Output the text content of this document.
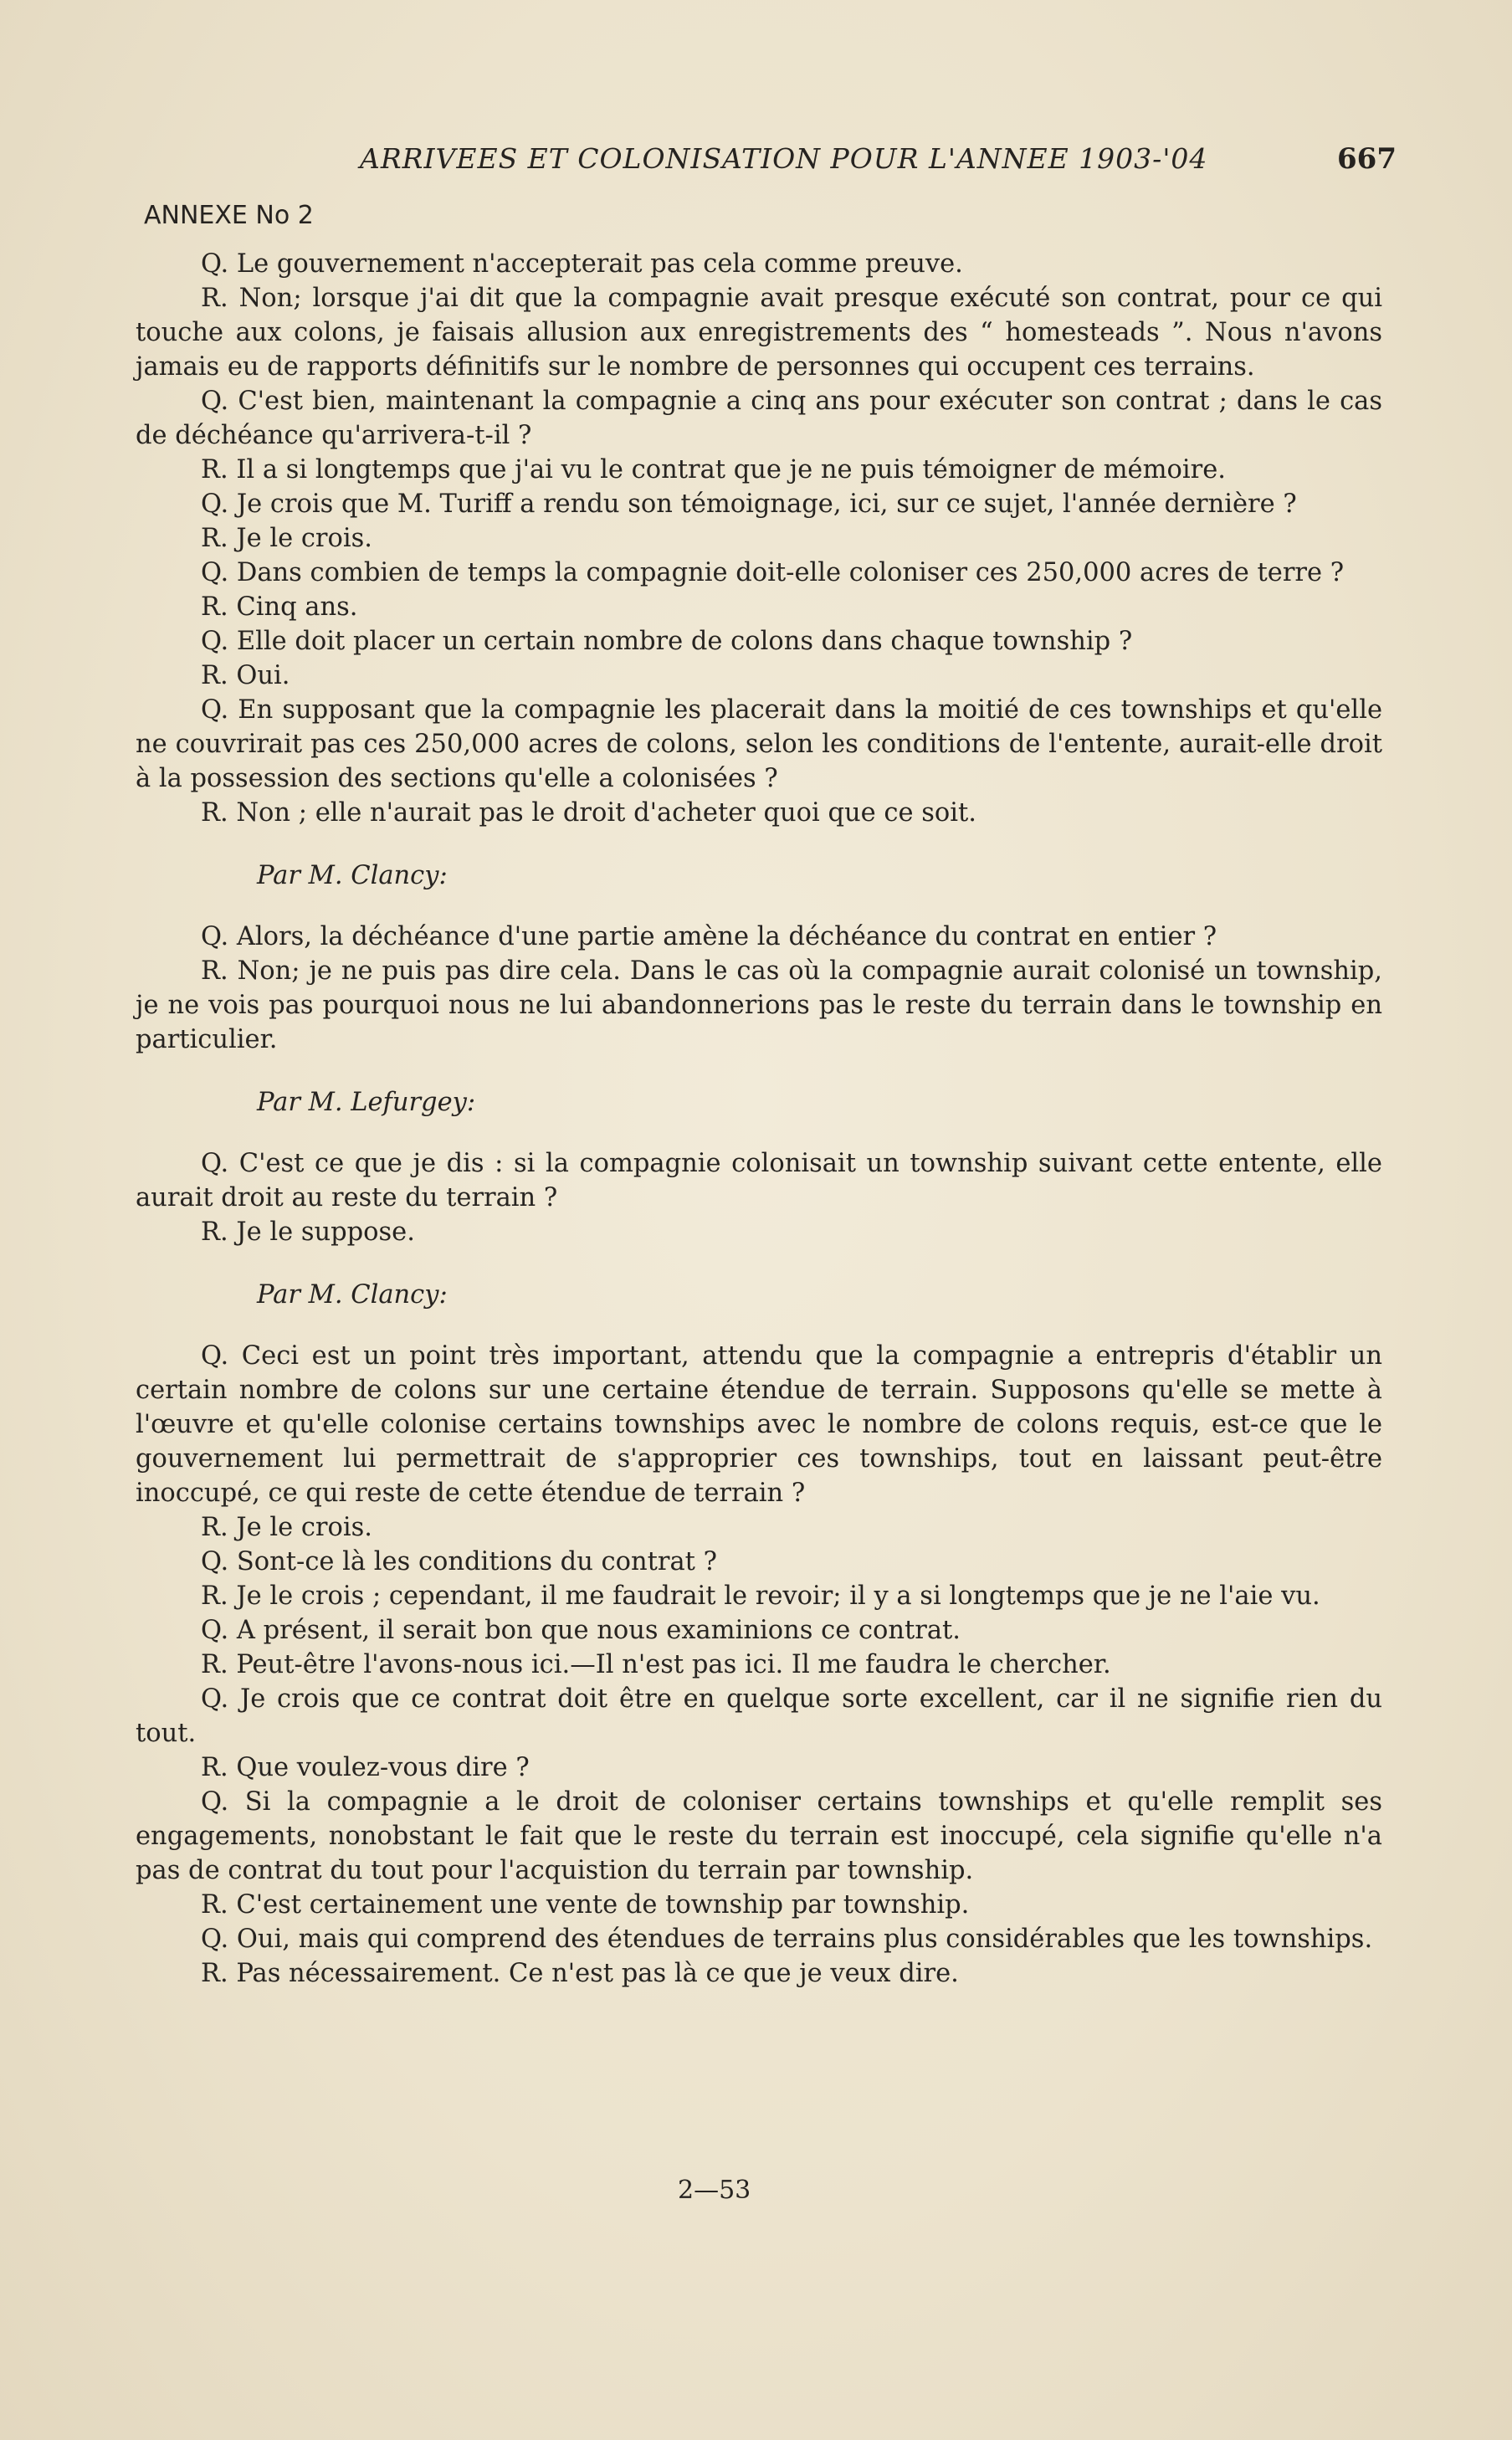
ARRIVEES ET COLONISATION POUR L'ANNEE 1903-'04	667
ANNEXE No 2

Q. Le gouvernement n'accepterait pas cela comme preuve.

R. Non; lorsque j'ai dit que la compagnie avait presque exécuté son contrat, pour ce qui touche aux colons, je faisais allusion aux enregistrements des “ homesteads ”. Nous n'avons jamais eu de rapports définitifs sur le nombre de personnes qui occupent ces terrains.

Q. C'est bien, maintenant la compagnie a cinq ans pour exécuter son contrat ; dans le cas de déchéance qu'arrivera-t-il ?

R. Il a si longtemps que j'ai vu le contrat que je ne puis témoigner de mémoire.

Q. Je crois que M. Turiff a rendu son témoignage, ici, sur ce sujet, l'année dernière ?

R. Je le crois.

Q. Dans combien de temps la compagnie doit-elle coloniser ces 250,000 acres de terre ?

R. Cinq ans.

Q. Elle doit placer un certain nombre de colons dans chaque township ?

R. Oui.

Q. En supposant que la compagnie les placerait dans la moitié de ces townships et qu'elle ne couvrirait pas ces 250,000 acres de colons, selon les conditions de l'entente, aurait-elle droit à la possession des sections qu'elle a colonisées ?

R. Non ; elle n'aurait pas le droit d'acheter quoi que ce soit.

Par M. Clancy:

Q. Alors, la déchéance d'une partie amène la déchéance du contrat en entier ?

R. Non; je ne puis pas dire cela. Dans le cas où la compagnie aurait colonisé un township, je ne vois pas pourquoi nous ne lui abandonnerions pas le reste du terrain dans le township en particulier.

Par M. Lefurgey:

Q. C'est ce que je dis : si la compagnie colonisait un township suivant cette entente, elle aurait droit au reste du terrain ?

R. Je le suppose.

Par M. Clancy:

Q. Ceci est un point très important, attendu que la compagnie a entrepris d'établir un certain nombre de colons sur une certaine étendue de terrain. Supposons qu'elle se mette à l'œuvre et qu'elle colonise certains townships avec le nombre de colons requis, est-ce que le gouvernement lui permettrait de s'approprier ces townships, tout en laissant peut-être inoccupé, ce qui reste de cette étendue de terrain ?

R. Je le crois.

Q. Sont-ce là les conditions du contrat ?

R. Je le crois ; cependant, il me faudrait le revoir; il y a si longtemps que je ne l'aie vu.

Q. A présent, il serait bon que nous examinions ce contrat.

R. Peut-être l'avons-nous ici.—Il n'est pas ici. Il me faudra le chercher.

Q. Je crois que ce contrat doit être en quelque sorte excellent, car il ne signifie rien du tout.

R. Que voulez-vous dire ?

Q. Si la compagnie a le droit de coloniser certains townships et qu'elle remplit ses engagements, nonobstant le fait que le reste du terrain est inoccupé, cela signifie qu'elle n'a pas de contrat du tout pour l'acquistion du terrain par township.

R. C'est certainement une vente de township par township.

Q. Oui, mais qui comprend des étendues de terrains plus considérables que les townships.

R. Pas nécessairement. Ce n'est pas là ce que je veux dire.

2—53
